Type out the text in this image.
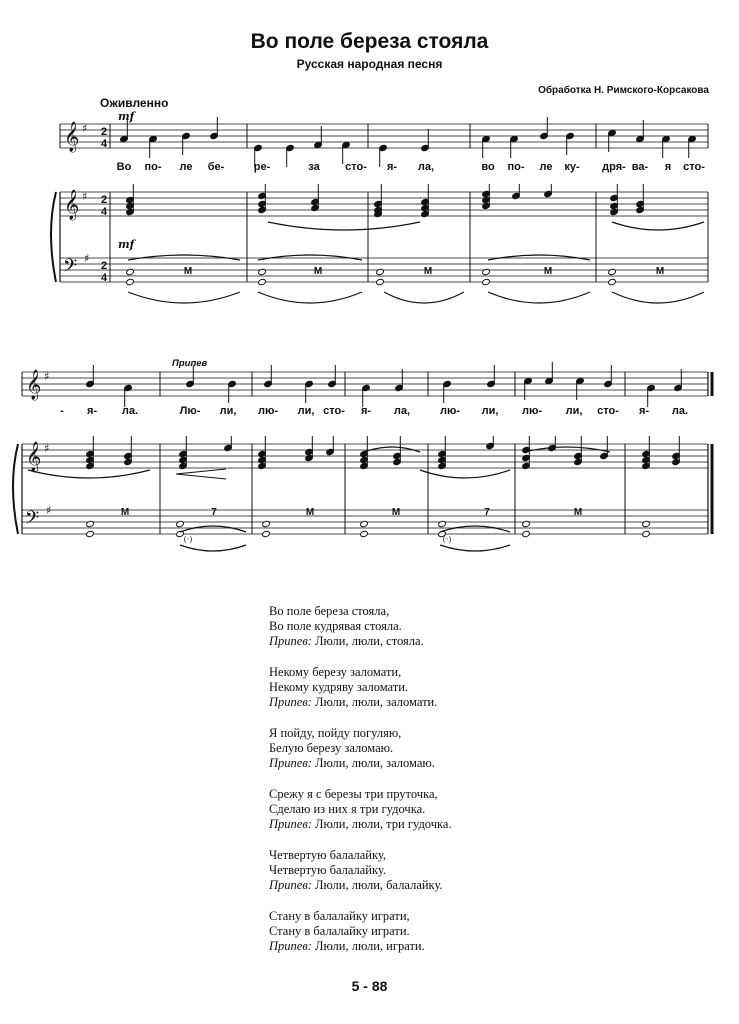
Во поле береза стояла
Русская народная песня
Обработка Н. Римского-Корсакова
Оживленно
𝄞 ♯
𝄞 ♯
𝄢 ♯
𝄞 ♯
𝄞 ♯
𝄢 ♯
2
4
2
4
2
4
mf
mf
Припев
М	М	М	М	М
М	7	М	М	7	М
(·)	(·)
Во по- ле бе-	ре-	за сто- я- ла,	во по- ле ку- дря- ва- я сто-
- я- ла.	Лю- ли, лю- ли, сто- я- ла,	лю- ли, лю- ли, сто- я- ла.
Во поле береза стояла,
Во поле кудрявая стояла.
Припев: Люли, люли, стояла.
Некому березу заломати,
Некому кудряву заломати.
Припев: Люли, люли, заломати.
Я пойду, пойду погуляю,
Белую березу заломаю.
Припев: Люли, люли, заломаю.
Срежу я с березы три пруточка,
Сделаю из них я три гудочка.
Припев: Люли, люли, три гудочка.
Четвертую балалайку,
Четвертую балалайку.
Припев: Люли, люли, балалайку.
Стану в балалайку играти,
Стану в балалайку играти.
Припев: Люли, люли, играти.
5 - 88
